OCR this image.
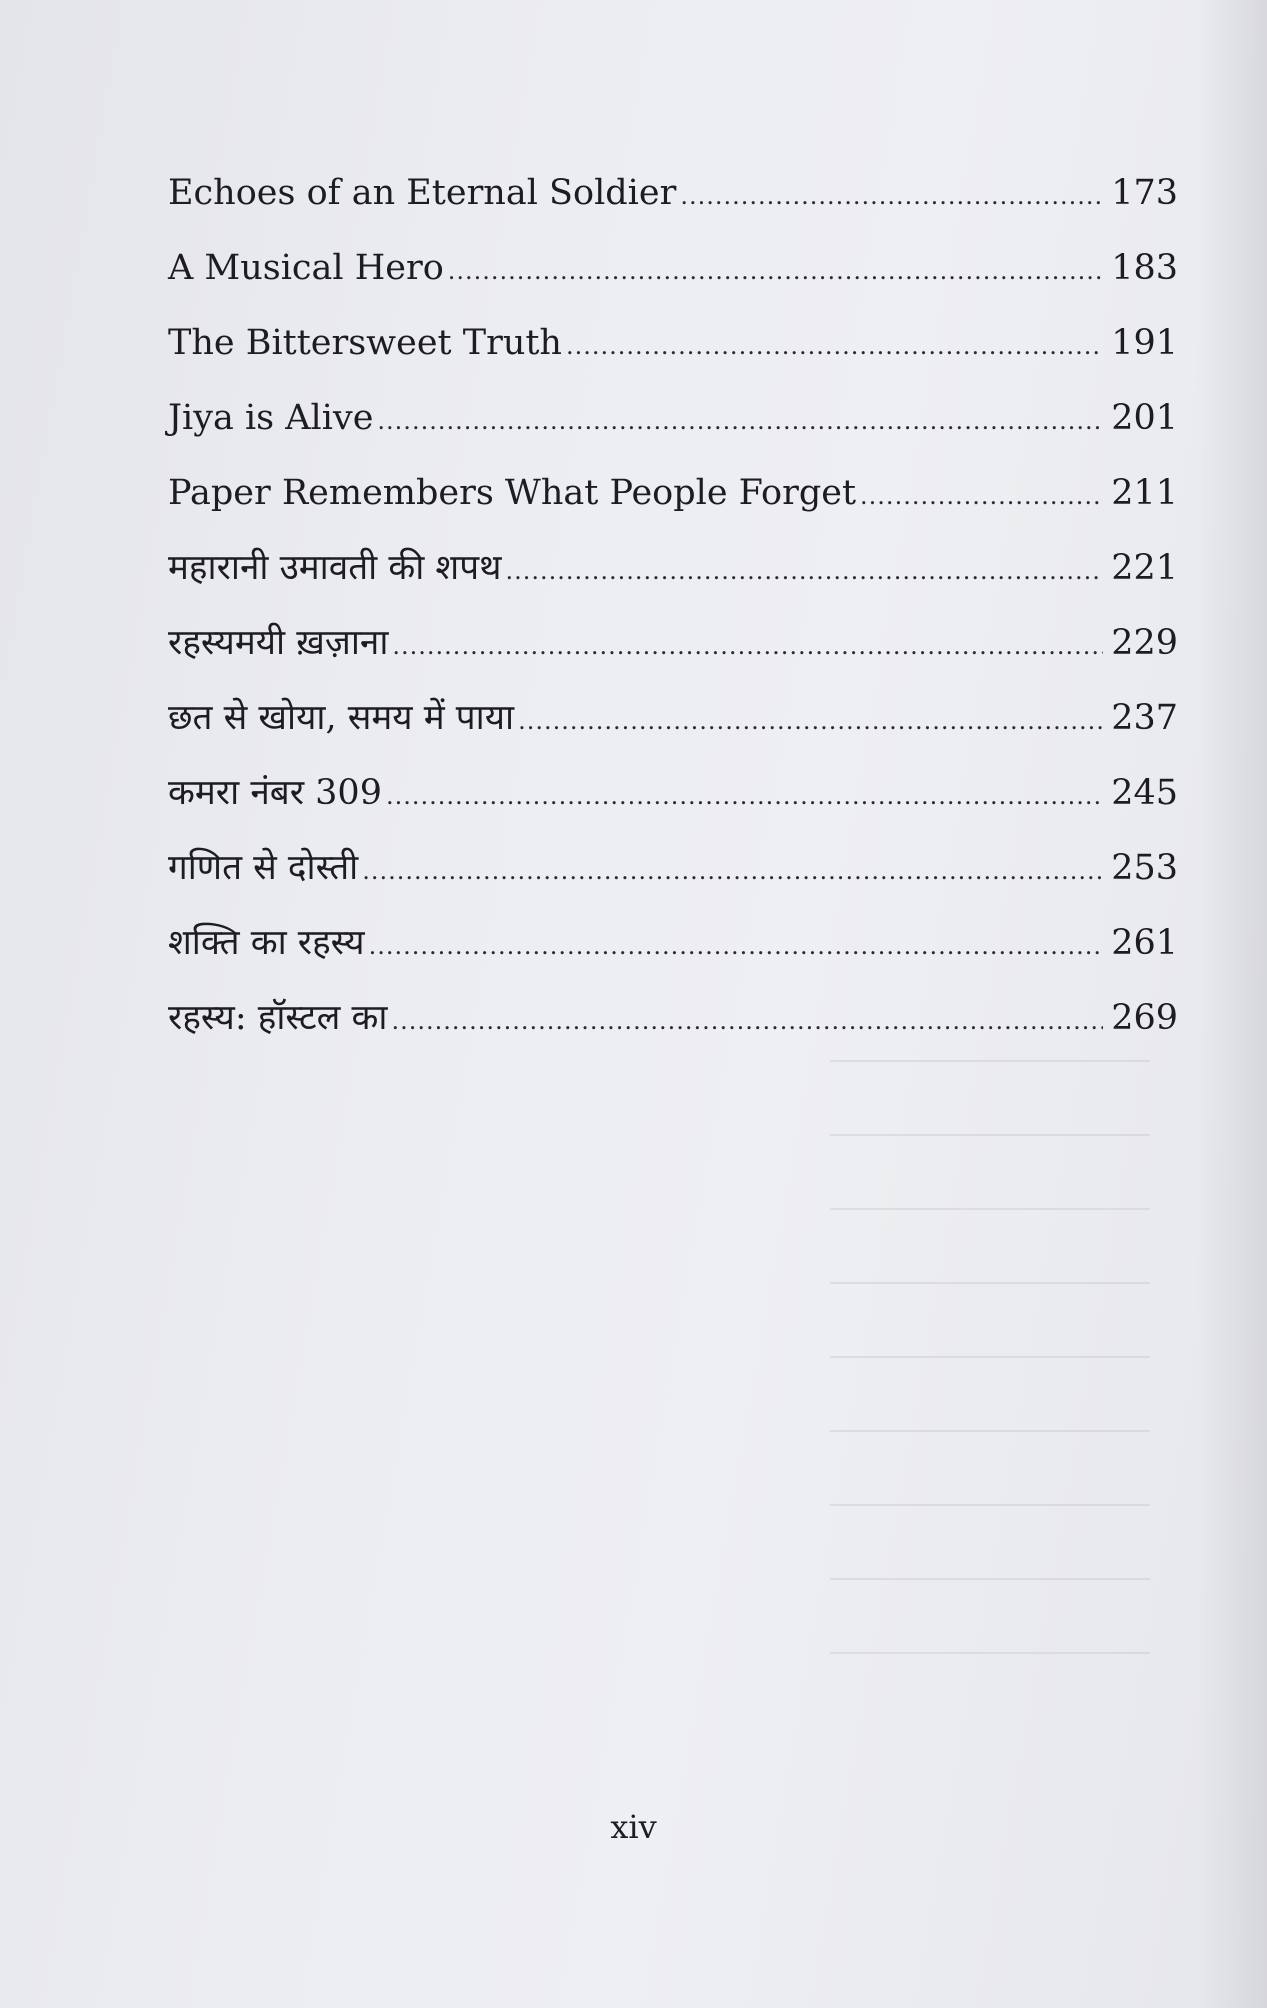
Echoes of an Eternal Soldier .....	173
A Musical Hero .....	183
The Bittersweet Truth .....	191
Jiya is Alive .....	201
Paper Remembers What People Forget .....	211
महारानी उमावती की शपथ .....	221
रहस्यमयी ख़ज़ाना .....	229
छत से खोया, समय में पाया .....	237
कमरा नंबर 309 .....	245
गणित से दोस्ती .....	253
शक्ति का रहस्य .....	261
रहस्य: हॉस्टल का .....	269
xiv
